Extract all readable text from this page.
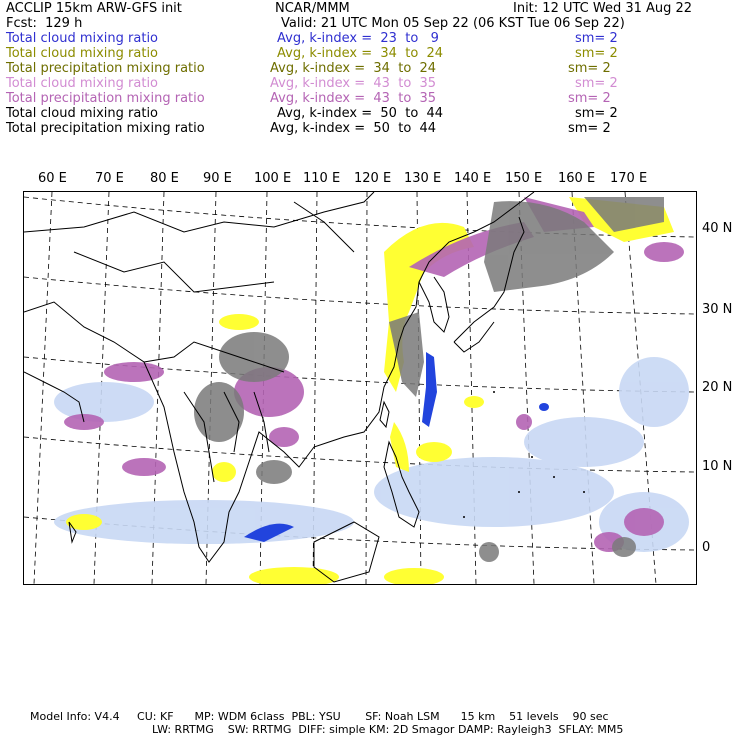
ACCLIP 15km ARW-GFS init	NCAR/MMM	Init: 12 UTC Wed 31 Aug 22
Fcst:  129 h	Valid: 21 UTC Mon 05 Sep 22 (06 KST Tue 06 Sep 22)
Total cloud mixing ratio	Avg, k-index =  23  to   9	sm= 2
Total cloud mixing ratio	Avg, k-index =  34  to  24	sm= 2
Total precipitation mixing ratio	Avg, k-index =  34  to  24	sm= 2
Total cloud mixing ratio	Avg, k-index =  43  to  35	sm= 2
Total precipitation mixing ratio	Avg, k-index =  43  to  35	sm= 2
Total cloud mixing ratio	Avg, k-index =  50  to  44	sm= 2
Total precipitation mixing ratio	Avg, k-index =  50  to  44	sm= 2
60 E 70 E 80 E 90 E 100 E 110 E 120 E 130 E 140 E 150 E 160 E 170 E
40 N
30 N
20 N
10 N
0
Model Info: V4.4     CU: KF      MP: WDM 6class  PBL: YSU       SF: Noah LSM      15 km    51 levels    90 sec
LW: RRTMG    SW: RRTMG  DIFF: simple KM: 2D Smagor DAMP: Rayleigh3  SFLAY: MM5
